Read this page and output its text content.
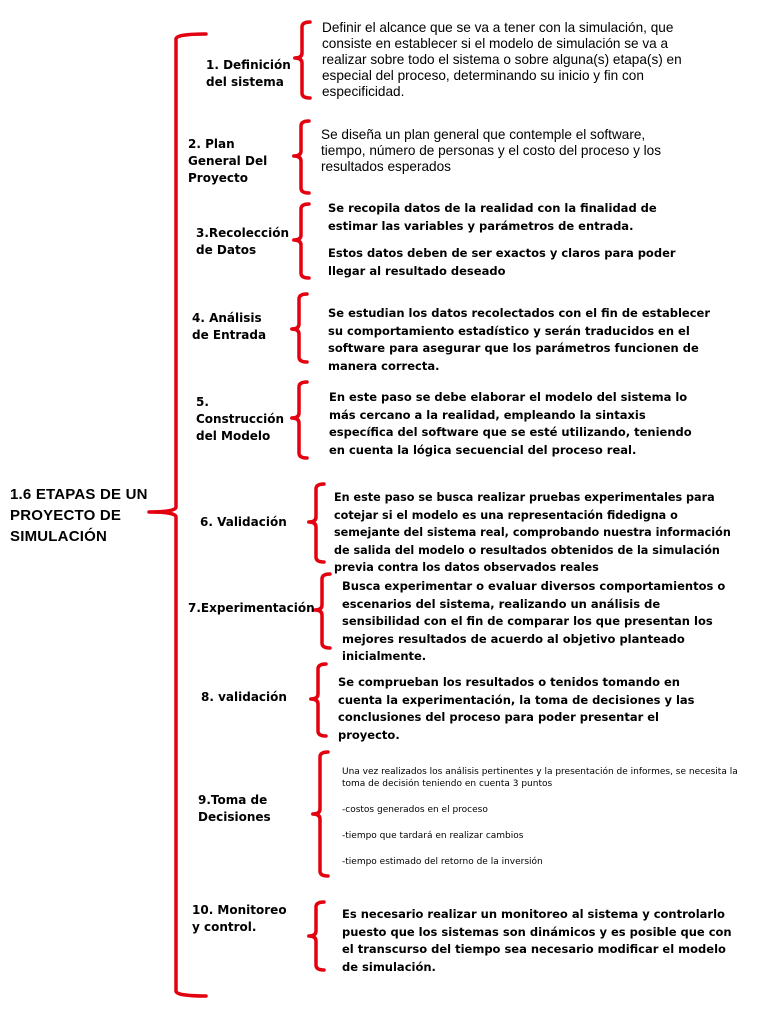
1.6 ETAPAS DE UN PROYECTO DE SIMULACIÓN
1. Definición del sistema
2. Plan General Del Proyecto
3.Recolección de Datos
4. Análisis de Entrada
5. Construcción del Modelo
6. Validación
7.Experimentación
8. validación
9.Toma de Decisiones
10. Monitoreo y control.

Definir el alcance que se va a tener con la simulación, que consiste en establecer si el modelo de simulación se va a realizar sobre todo el sistema o sobre alguna(s) etapa(s) en especial del proceso, determinando su inicio y fin con especificidad.

Se diseña un plan general que contemple el software, tiempo, número de personas y el costo del proceso y los resultados esperados

Se recopila datos de la realidad con la finalidad de estimar las variables y parámetros de entrada.

Estos datos deben de ser exactos y claros para poder llegar al resultado deseado

Se estudian los datos recolectados con el fin de establecer su comportamiento estadístico y serán traducidos en el software para asegurar que los parámetros funcionen de manera correcta.

En este paso se debe elaborar el modelo del sistema lo más cercano a la realidad, empleando la sintaxis específica del software que se esté utilizando, teniendo en cuenta la lógica secuencial del proceso real.

En este paso se busca realizar pruebas experimentales para cotejar si el modelo es una representación fidedigna o semejante del sistema real, comprobando nuestra información de salida del modelo o resultados obtenidos de la simulación previa contra los datos observados reales

Busca experimentar o evaluar diversos comportamientos o escenarios del sistema, realizando un análisis de sensibilidad con el fin de comparar los que presentan los mejores resultados de acuerdo al objetivo planteado inicialmente.

Se comprueban los resultados o tenidos tomando en cuenta la experimentación, la toma de decisiones y las conclusiones del proceso para poder presentar el proyecto.

Una vez realizados los análisis pertinentes y la presentación de informes, se necesita la toma de decisión teniendo en cuenta 3 puntos

-costos generados en el proceso

-tiempo que tardará en realizar cambios

-tiempo estimado del retorno de la inversión

Es necesario realizar un monitoreo al sistema y controlarlo puesto que los sistemas son dinámicos y es posible que con el transcurso del tiempo sea necesario modificar el modelo de simulación.
